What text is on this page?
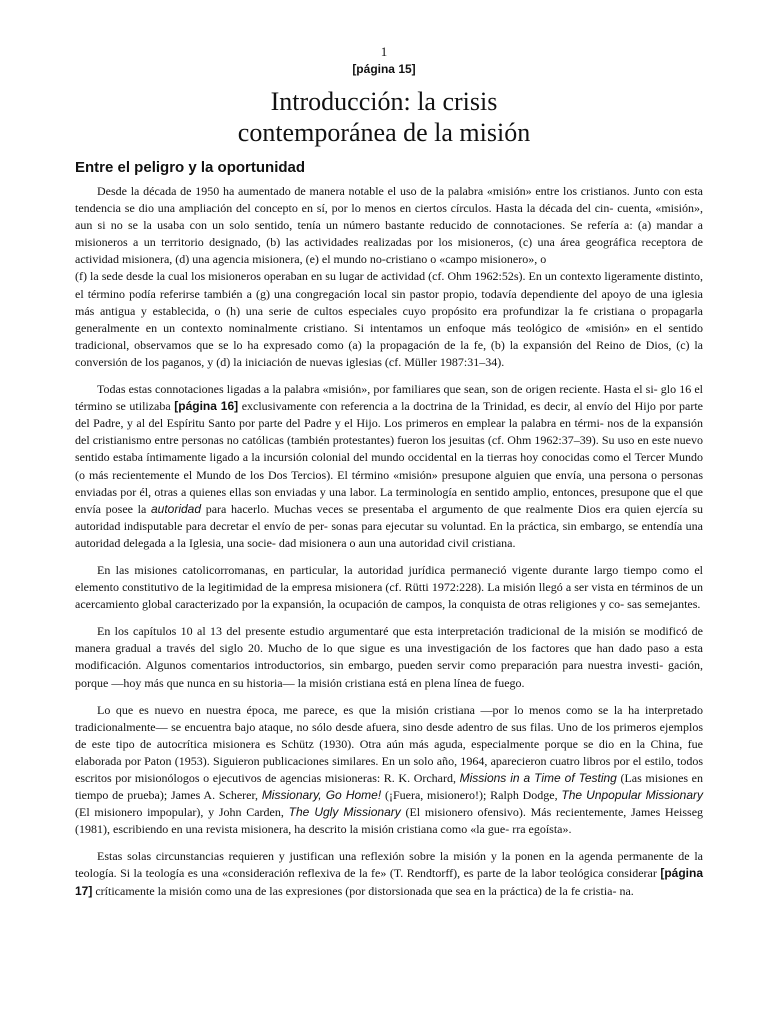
1
[página 15]
Introducción: la crisis
contemporánea de la misión
Entre el peligro y la oportunidad

Desde la década de 1950 ha aumentado de manera notable el uso de la palabra «misión» entre los cristianos. Junto con esta tendencia se dio una ampliación del concepto en sí, por lo menos en ciertos círculos. Hasta la década del cin- cuenta, «misión», aun si no se la usaba con un solo sentido, tenía un número bastante reducido de connotaciones. Se refería a: (a) mandar a misioneros a un territorio designado, (b) las actividades realizadas por los misioneros, (c) una área geográfica receptora de actividad misionera, (d) una agencia misionera, (e) el mundo no-cristiano o «campo misionero», o

(f) la sede desde la cual los misioneros operaban en su lugar de actividad (cf. Ohm 1962:52s). En un contexto ligeramente distinto, el término podía referirse también a (g) una congregación local sin pastor propio, todavía dependiente del apoyo de una iglesia más antigua y establecida, o (h) una serie de cultos especiales cuyo propósito era profundizar la fe cristiana o propagarla generalmente en un contexto nominalmente cristiano. Si intentamos un enfoque más teológico de «misión» en el sentido tradicional, observamos que se lo ha expresado como (a) la propagación de la fe, (b) la expansión del Reino de Dios, (c) la conversión de los paganos, y (d) la iniciación de nuevas iglesias (cf. Müller 1987:31–34).

Todas estas connotaciones ligadas a la palabra «misión», por familiares que sean, son de origen reciente. Hasta el si- glo 16 el término se utilizaba [página 16] exclusivamente con referencia a la doctrina de la Trinidad, es decir, al envío del Hijo por parte del Padre, y al del Espíritu Santo por parte del Padre y el Hijo. Los primeros en emplear la palabra en térmi- nos de la expansión del cristianismo entre personas no católicas (también protestantes) fueron los jesuitas (cf. Ohm 1962:37–39). Su uso en este nuevo sentido estaba íntimamente ligado a la incursión colonial del mundo occidental en la tierras hoy conocidas como el Tercer Mundo (o más recientemente el Mundo de los Dos Tercios). El término «misión» presupone alguien que envía, una persona o personas enviadas por él, otras a quienes ellas son enviadas y una labor. La terminología en sentido amplio, entonces, presupone que el que envía posee la autoridad para hacerlo. Muchas veces se presentaba el argumento de que realmente Dios era quien ejercía su autoridad indisputable para decretar el envío de per- sonas para ejecutar su voluntad. En la práctica, sin embargo, se entendía una autoridad delegada a la Iglesia, una socie- dad misionera o aun una autoridad civil cristiana.

En las misiones catolicorromanas, en particular, la autoridad jurídica permaneció vigente durante largo tiempo como el elemento constitutivo de la legitimidad de la empresa misionera (cf. Rütti 1972:228). La misión llegó a ser vista en términos de un acercamiento global caracterizado por la expansión, la ocupación de campos, la conquista de otras religiones y co- sas semejantes.

En los capítulos 10 al 13 del presente estudio argumentaré que esta interpretación tradicional de la misión se modificó de manera gradual a través del siglo 20. Mucho de lo que sigue es una investigación de los factores que han dado paso a esta modificación. Algunos comentarios introductorios, sin embargo, pueden servir como preparación para nuestra investi- gación, porque —hoy más que nunca en su historia— la misión cristiana está en plena línea de fuego.

Lo que es nuevo en nuestra época, me parece, es que la misión cristiana —por lo menos como se la ha interpretado tradicionalmente— se encuentra bajo ataque, no sólo desde afuera, sino desde adentro de sus filas. Uno de los primeros ejemplos de este tipo de autocrítica misionera es Schütz (1930). Otra aún más aguda, especialmente porque se dio en la China, fue elaborada por Paton (1953). Siguieron publicaciones similares. En un solo año, 1964, aparecieron cuatro libros por el estilo, todos escritos por misionólogos o ejecutivos de agencias misioneras: R. K. Orchard, Missions in a Time of Testing (Las misiones en tiempo de prueba); James A. Scherer, Missionary, Go Home! (¡Fuera, misionero!); Ralph Dodge, The Unpopular Missionary (El misionero impopular), y John Carden, The Ugly Missionary (El misionero ofensivo). Más recientemente, James Heisseg (1981), escribiendo en una revista misionera, ha descrito la misión cristiana como «la gue- rra egoísta».

Estas solas circunstancias requieren y justifican una reflexión sobre la misión y la ponen en la agenda permanente de la teología. Si la teología es una «consideración reflexiva de la fe» (T. Rendtorff), es parte de la labor teológica considerar [página 17] críticamente la misión como una de las expresiones (por distorsionada que sea en la práctica) de la fe cristia- na.
